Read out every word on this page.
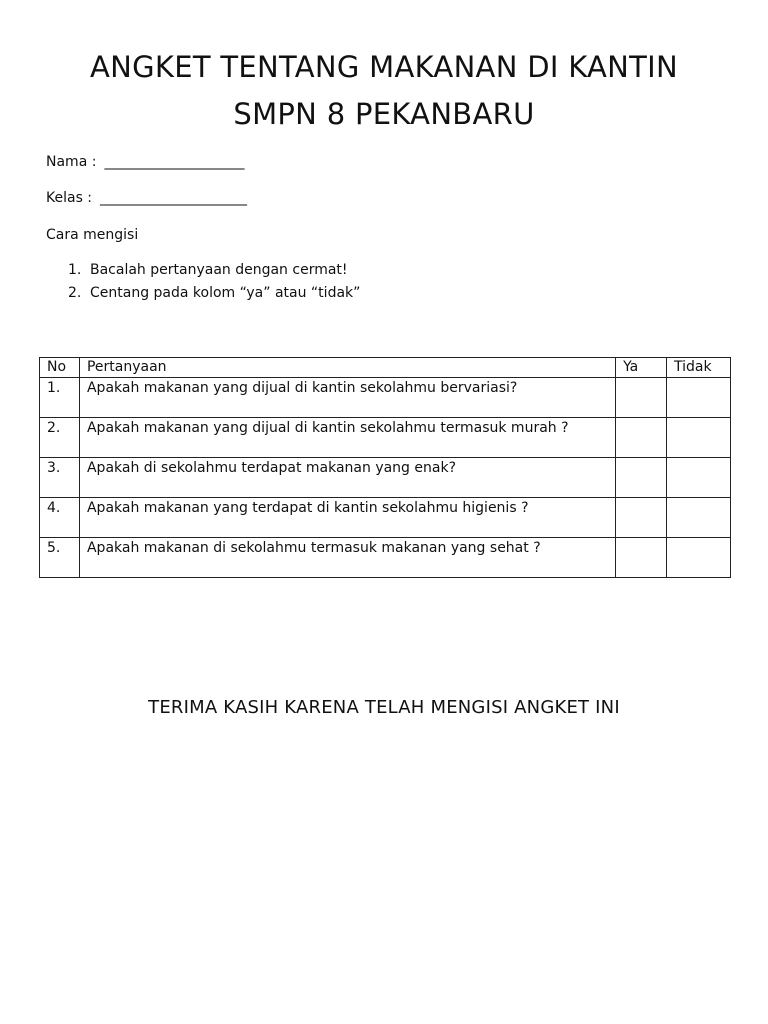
ANGKET TENTANG MAKANAN DI KANTIN
SMPN 8 PEKANBARU
Nama : ____________________
Kelas : _____________________
Cara mengisi
1. Bacalah pertanyaan dengan cermat!
2. Centang pada kolom “ya” atau “tidak”
No	Pertanyaan	Ya	Tidak
1.	Apakah makanan yang dijual di kantin sekolahmu bervariasi?		
2.	Apakah makanan yang dijual di kantin sekolahmu termasuk murah ?		
3.	Apakah di sekolahmu terdapat makanan yang enak?		
4.	Apakah makanan yang terdapat di kantin sekolahmu higienis ?		
5.	Apakah makanan di sekolahmu termasuk makanan yang sehat ?		
TERIMA KASIH KARENA TELAH MENGISI ANGKET INI
